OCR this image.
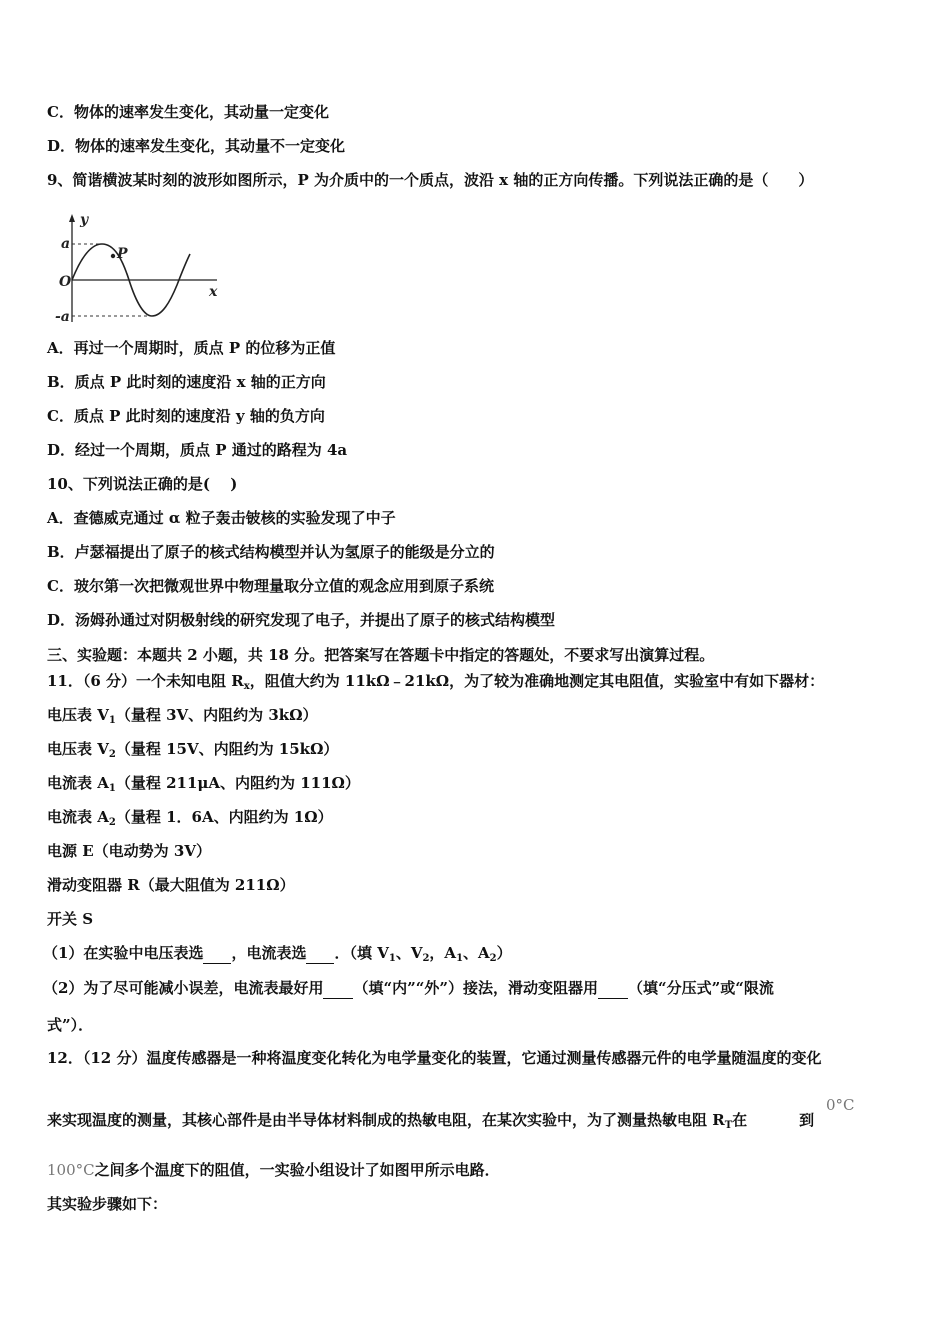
C．物体的速率发生变化，其动量一定变化
D．物体的速率发生变化，其动量不一定变化
9、简谐横波某时刻的波形如图所示，P 为介质中的一个质点，波沿 x 轴的正方向传播。下列说法正确的是（　　）
y
x
O
a
-a
P
A．再过一个周期时，质点 P 的位移为正值
B．质点 P 此时刻的速度沿 x 轴的正方向
C．质点 P 此时刻的速度沿 y 轴的负方向
D．经过一个周期，质点 P 通过的路程为 4a
10、下列说法正确的是(　 )
A．查德威克通过 α 粒子轰击铍核的实验发现了中子
B．卢瑟福提出了原子的核式结构模型并认为氢原子的能级是分立的
C．玻尔第一次把微观世界中物理量取分立值的观念应用到原子系统
D．汤姆孙通过对阴极射线的研究发现了电子，并提出了原子的核式结构模型
三、实验题：本题共 2 小题，共 18 分。把答案写在答题卡中指定的答题处，不要求写出演算过程。
11．（6 分）一个未知电阻 $R_x$，阻值大约为 11kΩ﹣21kΩ，为了较为准确地测定其电阻值，实验室中有如下器材：
电压表 $V_1$（量程 3V、内阻约为 3kΩ）
电压表 $V_2$（量程 15V、内阻约为 15kΩ）
电流表 $A_1$（量程 211μA、内阻约为 111Ω）
电流表 $A_2$（量程 1．6A、内阻约为 1Ω）
电源 E（电动势为 3V）
滑动变阻器 R（最大阻值为 211Ω）
开关 S
（1）在实验中电压表选 ，电流表选 ．（填 $V_1$、$V_2$，$A_1$、$A_2$）
（2）为了尽可能减小误差，电流表最好用 （填“内”“外”）接法，滑动变阻器用 （填“分压式”或“限流
式”）．
12．（12 分）温度传感器是一种将温度变化转化为电学量变化的装置，它通过测量传感器元件的电学量随温度的变化
来实现温度的测量，其核心部件是由半导体材料制成的热敏电阻，在某次实验中，为了测量热敏电阻 $R_T$在	到
0°C
100°C之间多个温度下的阻值，一实验小组设计了如图甲所示电路．
其实验步骤如下：
